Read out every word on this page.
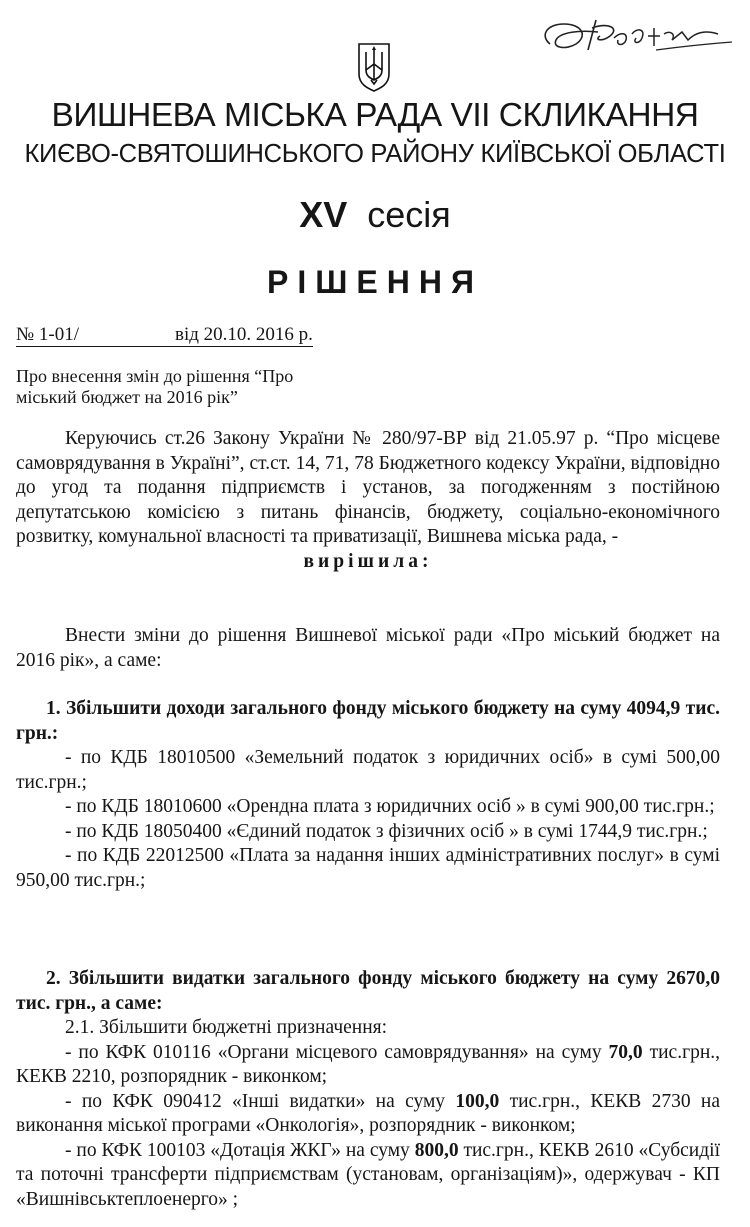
ВИШНЕВА МІСЬКА РАДА VII СКЛИКАННЯ
КИЄВО-СВЯТОШИНСЬКОГО РАЙОНУ КИЇВСЬКОЇ ОБЛАСТІ
XV сесія
РІШЕННЯ
№ 1-01/	від 20.10. 2016 р.
Про внесення змін до рішення “Про
міський бюджет на 2016 рік”

Керуючись ст.26 Закону України № 280/97-ВР від 21.05.97 р. “Про місцеве самоврядування в Україні”, ст.ст. 14, 71, 78 Бюджетного кодексу України, відповідно до угод та подання підприємств і установ, за погодженням з постійною депутатською комісією з питань фінансів, бюджету, соціально-економічного розвитку, комунальної власності та приватизації, Вишнева міська рада, -

вирішила:

Внести зміни до рішення Вишневої міської ради «Про міський бюджет на 2016 рік», а саме:

1. Збільшити доходи загального фонду міського бюджету на суму 4094,9 тис. грн.:

- по КДБ 18010500 «Земельний податок з юридичних осіб» в сумі 500,00 тис.грн.;

- по КДБ 18010600 «Орендна плата з юридичних осіб » в сумі 900,00 тис.грн.;

- по КДБ 18050400 «Єдиний податок з фізичних осіб » в сумі 1744,9 тис.грн.;

- по КДБ 22012500 «Плата за надання інших адміністративних послуг» в сумі 950,00 тис.грн.;

2. Збільшити видатки загального фонду міського бюджету на суму 2670,0 тис. грн., а саме:

2.1. Збільшити бюджетні призначення:

- по КФК 010116 «Органи місцевого самоврядування» на суму 70,0 тис.грн., КЕКВ 2210, розпорядник - виконком;

- по КФК 090412 «Інші видатки» на суму 100,0 тис.грн., КЕКВ 2730 на виконання міської програми «Онкологія», розпорядник - виконком;

- по КФК 100103 «Дотація ЖКГ» на суму 800,0 тис.грн., КЕКВ 2610 «Субсидії та поточні трансферти підприємствам (установам, організаціям)», одержувач - КП «Вишнівськтеплоенерго» ;
